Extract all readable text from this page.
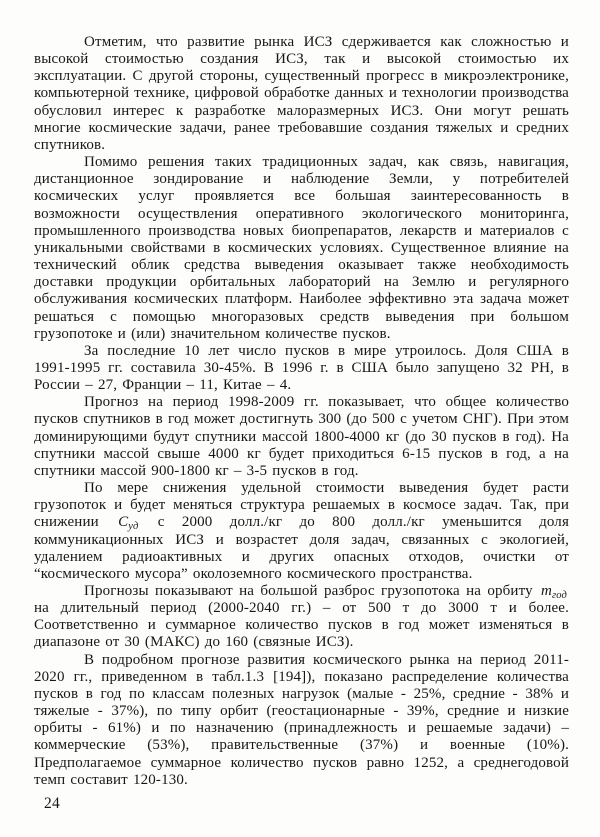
Отметим, что развитие рынка ИСЗ сдерживается как сложностью и высокой стоимостью создания ИСЗ, так и высокой стоимостью их эксплуатации. С другой стороны, существенный прогресс в микроэлектронике, компьютерной технике, цифровой обработке данных и технологии производства обусловил интерес к разработке малоразмерных ИСЗ. Они могут решать многие космические задачи, ранее требовавшие создания тяжелых и средних спутников.

Помимо решения таких традиционных задач, как связь, навигация, дистанционное зондирование и наблюдение Земли, у потребителей космических услуг проявляется все большая заинтересованность в возможности осуществления оперативного экологического мониторинга, промышленного производства новых биопрепаратов, лекарств и материалов с уникальными свойствами в космических условиях. Существенное влияние на технический облик средства выведения оказывает также необходимость доставки продукции орбитальных лабораторий на Землю и регулярного обслуживания космических платформ. Наиболее эффективно эта задача может решаться с помощью многоразовых средств выведения при большом грузопотоке и (или) значительном количестве пусков.

За последние 10 лет число пусков в мире утроилось. Доля США в 1991-1995 гг. составила 30-45%. В 1996 г. в США было запущено 32 РН, в России – 27, Франции – 11, Китае – 4.

Прогноз на период 1998-2009 гг. показывает, что общее количество пусков спутников в год может достигнуть 300 (до 500 с учетом СНГ). При этом доминирующими будут спутники массой 1800-4000 кг (до 30 пусков в год). На спутники массой свыше 4000 кг будет приходиться 6-15 пусков в год, а на спутники массой 900-1800 кг – 3-5 пусков в год.

По мере снижения удельной стоимости выведения будет расти грузопоток и будет меняться структура решаемых в космосе задач. Так, при снижении $С_{уд}$ с 2000 долл./кг до 800 долл./кг уменьшится доля коммуникационных ИСЗ и возрастет доля задач, связанных с экологией, удалением радиоактивных и других опасных отходов, очистки от “космического мусора” околоземного космического пространства.

Прогнозы показывают на большой разброс грузопотока на орбиту $m_{год}$ на длительный период (2000-2040 гг.) – от 500 т до 3000 т и более. Соответственно и суммарное количество пусков в год может изменяться в диапазоне от 30 (МАКС) до 160 (связные ИСЗ).

В подробном прогнозе развития космического рынка на период 2011-2020 гг., приведенном в табл.1.3 [194]), показано распределение количества пусков в год по классам полезных нагрузок (малые - 25%, средние - 38% и тяжелые - 37%), по типу орбит (геостационарные - 39%, средние и низкие орбиты - 61%) и по назначению (принадлежность и решаемые задачи) – коммерческие (53%), правительственные (37%) и военные (10%). Предполагаемое суммарное количество пусков равно 1252, а среднегодовой темп составит 120-130.

24
